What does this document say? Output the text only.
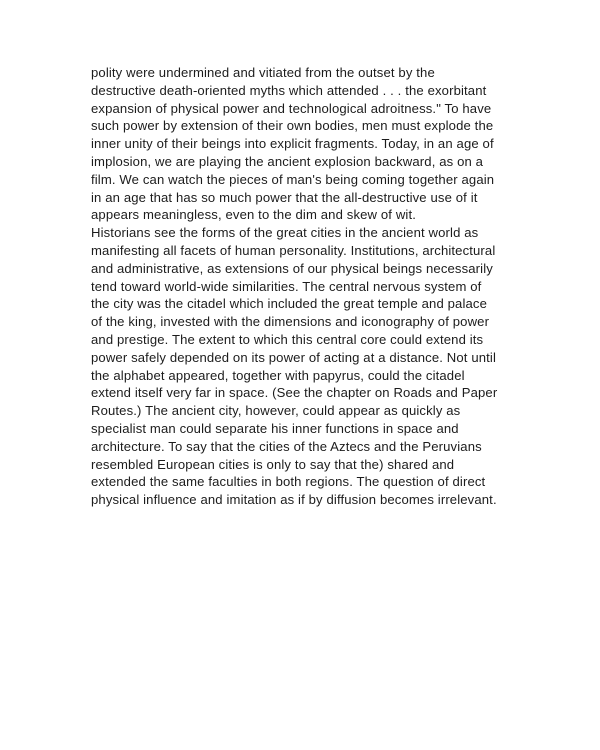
polity were undermined and vitiated from the outset by the
destructive death-oriented myths which attended . . . the exorbitant
expansion of physical power and technological adroitness." To have
such power by extension of their own bodies, men must explode the
inner unity of their beings into explicit fragments. Today, in an age of
implosion, we are playing the ancient explosion backward, as on a
film. We can watch the pieces of man's being coming together again
in an age that has so much power that the all-destructive use of it
appears meaningless, even to the dim and skew of wit.
Historians see the forms of the great cities in the ancient world as
manifesting all facets of human personality. Institutions, architectural
and administrative, as extensions of our physical beings necessarily
tend toward world-wide similarities. The central nervous system of
the city was the citadel which included the great temple and palace
of the king, invested with the dimensions and iconography of power
and prestige. The extent to which this central core could extend its
power safely depended on its power of acting at a distance. Not until
the alphabet appeared, together with papyrus, could the citadel
extend itself very far in space. (See the chapter on Roads and Paper
Routes.) The ancient city, however, could appear as quickly as
specialist man could separate his inner functions in space and
architecture. To say that the cities of the Aztecs and the Peruvians
resembled European cities is only to say that the) shared and
extended the same faculties in both regions. The question of direct
physical influence and imitation as if by diffusion becomes irrelevant.
